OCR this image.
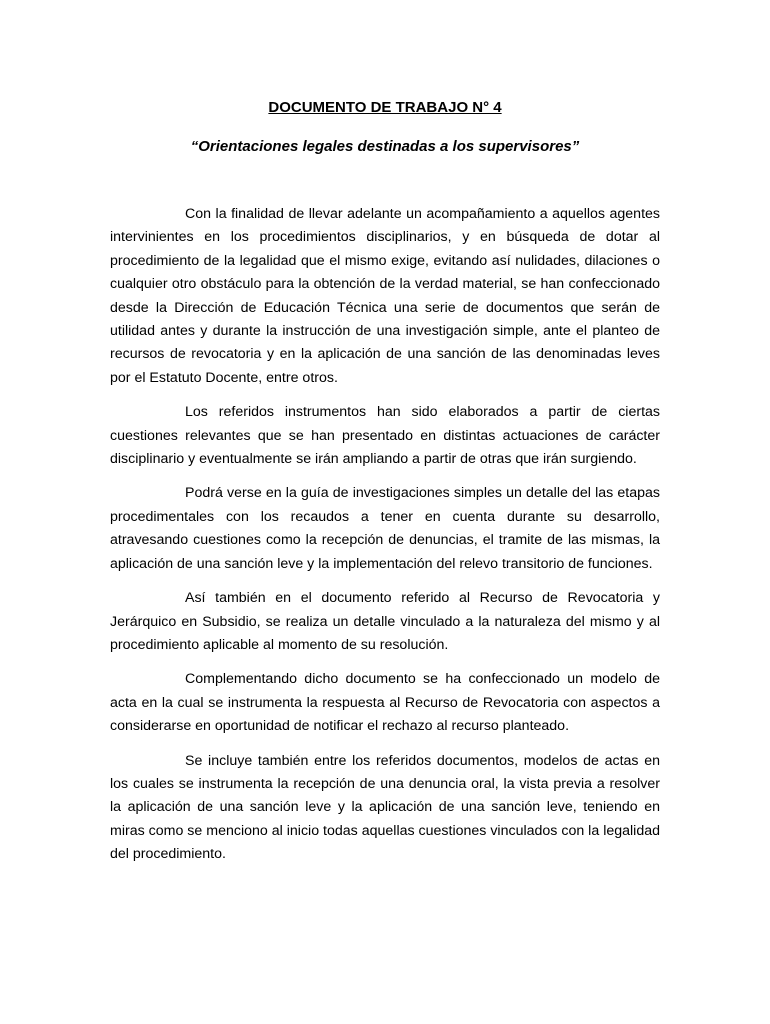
DOCUMENTO DE TRABAJO N° 4
“Orientaciones legales destinadas a los supervisores”

Con la finalidad de llevar adelante un acompañamiento a aquellos agentes intervinientes en los procedimientos disciplinarios, y en búsqueda de dotar al procedimiento de la legalidad que el mismo exige, evitando así nulidades, dilaciones o cualquier otro obstáculo para la obtención de la verdad material, se han confeccionado desde la Dirección de Educación Técnica una serie de documentos que serán de utilidad antes y durante la instrucción de una investigación simple, ante el planteo de recursos de revocatoria y en la aplicación de una sanción de las denominadas leves por el Estatuto Docente, entre otros.

Los referidos instrumentos han sido elaborados a partir de ciertas cuestiones relevantes que se han presentado en distintas actuaciones de carácter disciplinario y eventualmente se irán ampliando a partir de otras que irán surgiendo.

Podrá verse en la guía de investigaciones simples un detalle del las etapas procedimentales con los recaudos a tener en cuenta durante su desarrollo, atravesando cuestiones como la recepción de denuncias, el tramite de las mismas, la aplicación de una sanción leve y la implementación del relevo transitorio de funciones.

Así también en el documento referido al Recurso de Revocatoria y Jerárquico en Subsidio, se realiza un detalle vinculado a la naturaleza del mismo y al procedimiento aplicable al momento de su resolución.

Complementando dicho documento se ha confeccionado un modelo de acta en la cual se instrumenta la respuesta al Recurso de Revocatoria con aspectos a considerarse en oportunidad de notificar el rechazo al recurso planteado.

Se incluye también entre los referidos documentos, modelos de actas en los cuales se instrumenta la recepción de una denuncia oral, la vista previa a resolver la aplicación de una sanción leve y la aplicación de una sanción leve, teniendo en miras como se menciono al inicio todas aquellas cuestiones vinculados con la legalidad del procedimiento.
